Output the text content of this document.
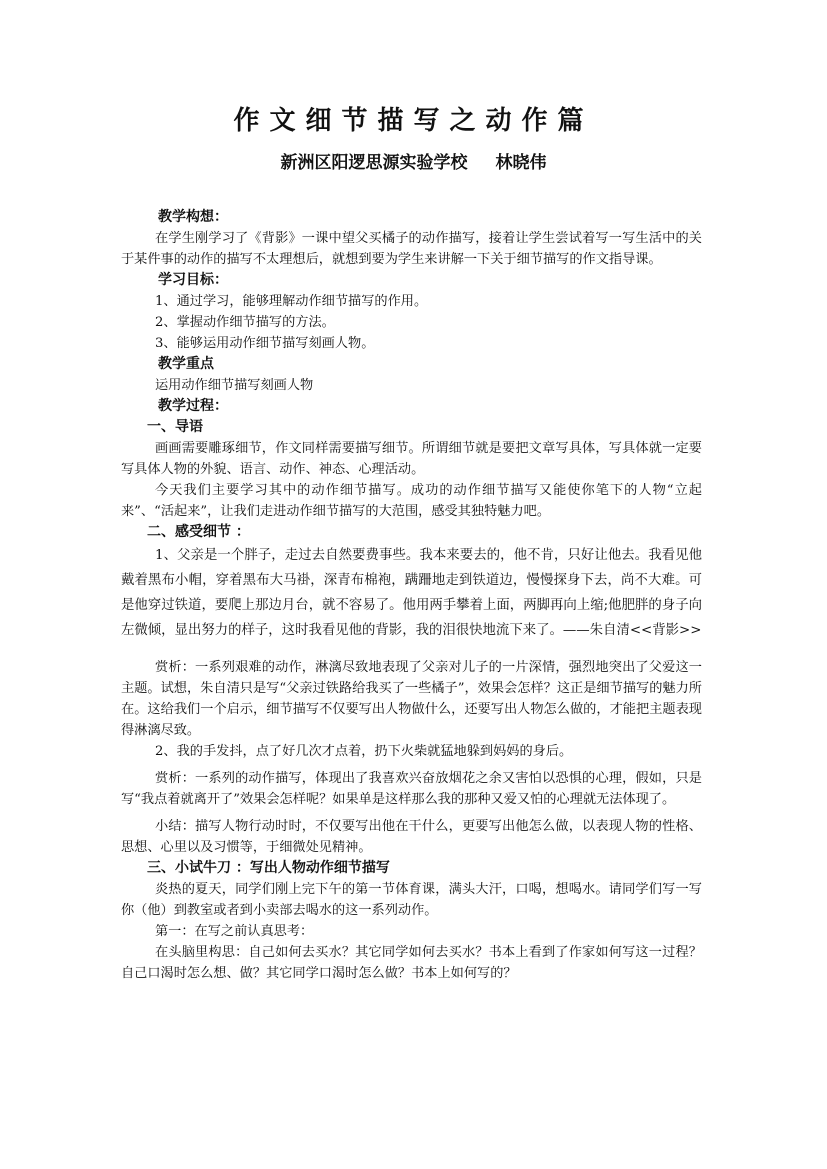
作文细节描写之动作篇
新洲区阳逻思源实验学校 林晓伟
教学构想：

在学生刚学习了《背影》一课中望父买橘子的动作描写，接着让学生尝试着写一写生活中的关于某件事的动作的描写不太理想后，就想到要为学生来讲解一下关于细节描写的作文指导课。

学习目标：

1、通过学习，能够理解动作细节描写的作用。

2、掌握动作细节描写的方法。

3、能够运用动作细节描写刻画人物。

教学重点

运用动作细节描写刻画人物

教学过程：
一、导语

画画需要雕琢细节，作文同样需要描写细节。所谓细节就是要把文章写具体，写具体就一定要写具体人物的外貌、语言、动作、神态、心理活动。

今天我们主要学习其中的动作细节描写。成功的动作细节描写又能使你笔下的人物“立起来”、“活起来”，让我们走进动作细节描写的大范围，感受其独特魅力吧。

二、感受细节 ：

1、父亲是一个胖子，走过去自然要费事些。我本来要去的，他不肯，只好让他去。我看见他戴着黑布小帽，穿着黑布大马褂，深青布棉袍，蹒跚地走到铁道边，慢慢探身下去，尚不大难。可是他穿过铁道，要爬上那边月台，就不容易了。他用两手攀着上面，两脚再向上缩;他肥胖的身子向左微倾，显出努力的样子，这时我看见他的背影，我的泪很快地流下来了。——朱自清<<背影>>

赏析：一系列艰难的动作，淋漓尽致地表现了父亲对儿子的一片深情，强烈地突出了父爱这一主题。试想，朱自清只是写“父亲过铁路给我买了一些橘子”，效果会怎样？这正是细节描写的魅力所在。这给我们一个启示，细节描写不仅要写出人物做什么，还要写出人物怎么做的，才能把主题表现得淋漓尽致。

2、我的手发抖，点了好几次才点着，扔下火柴就猛地躲到妈妈的身后。

赏析：一系列的动作描写，体现出了我喜欢兴奋放烟花之余又害怕以恐惧的心理，假如，只是写“我点着就离开了”效果会怎样呢？如果单是这样那么我的那种又爱又怕的心理就无法体现了。

小结：描写人物行动时时，不仅要写出他在干什么，更要写出他怎么做，以表现人物的性格、思想、心里以及习惯等，于细微处见精神。

三、小试牛刀 ：写出人物动作细节描写

炎热的夏天，同学们刚上完下午的第一节体育课，满头大汗，口喝，想喝水。请同学们写一写你（他）到教室或者到小卖部去喝水的这一系列动作。

第一：在写之前认真思考：

在头脑里构思：自己如何去买水？其它同学如何去买水？书本上看到了作家如何写这一过程？自己口渴时怎么想、做？其它同学口渴时怎么做？书本上如何写的？
